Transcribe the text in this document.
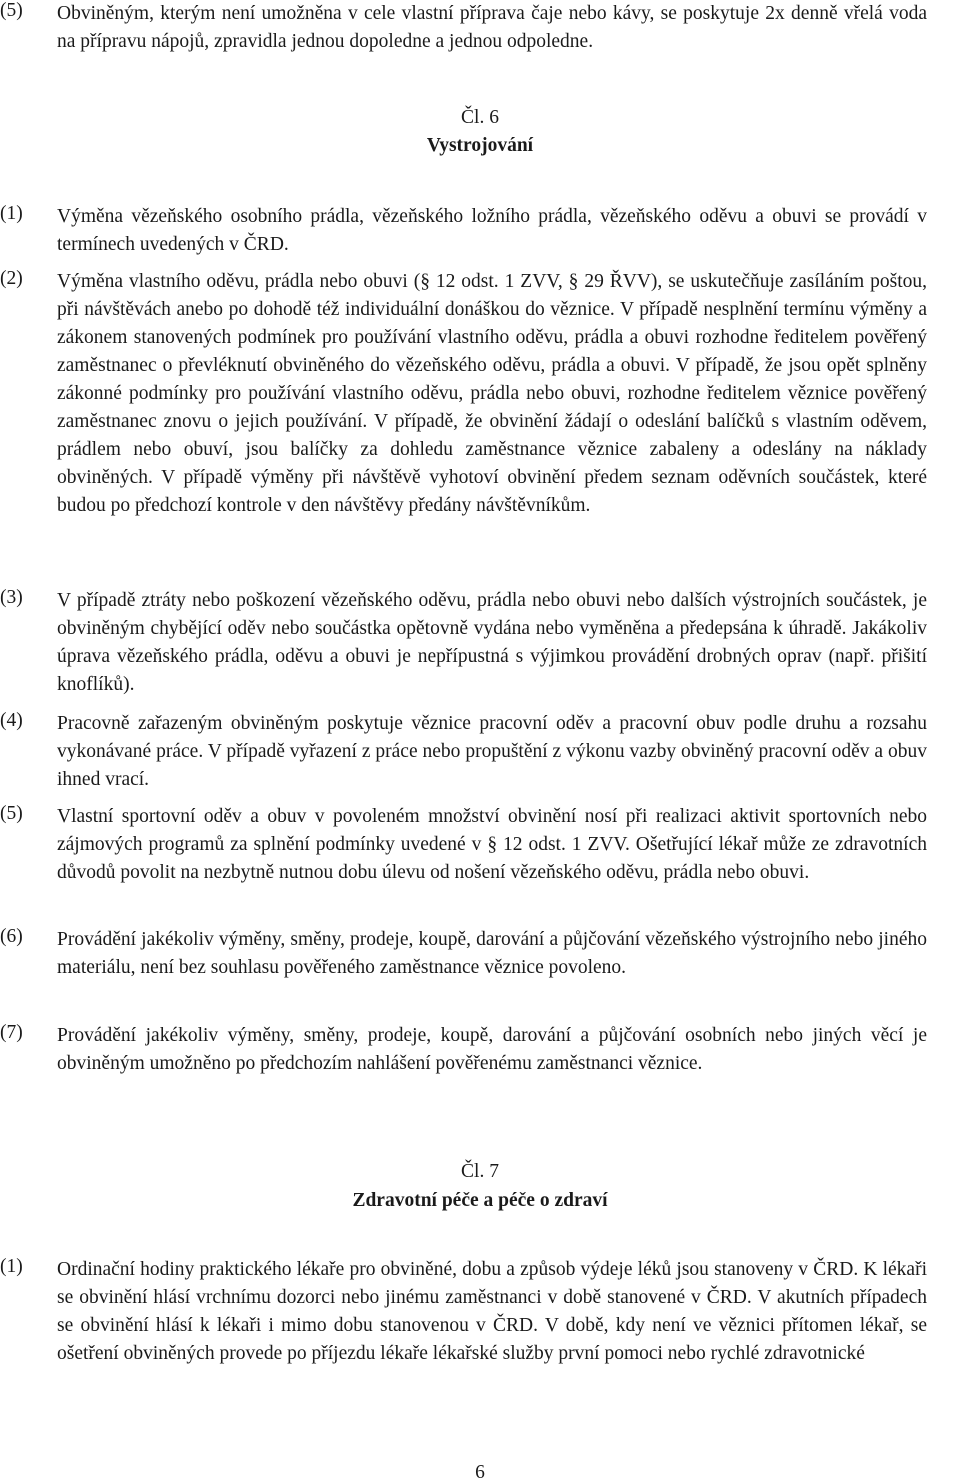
(5)	Obviněným, kterým není umožněna v cele vlastní příprava čaje nebo kávy, se poskytuje 2x denně vřelá voda na přípravu nápojů, zpravidla jednou dopoledne a jednou odpoledne.
Čl. 6
Vystrojování
(1)	Výměna vězeňského osobního prádla, vězeňského ložního prádla, vězeňského oděvu a obuvi se provádí v termínech uvedených v ČRD.
(2)	Výměna vlastního oděvu, prádla nebo obuvi (§ 12 odst. 1 ZVV, § 29 ŘVV), se uskutečňuje zasíláním poštou, při návštěvách anebo po dohodě též individuální donáškou do věznice. V případě nesplnění termínu výměny a zákonem stanovených podmínek pro používání vlastního oděvu, prádla a obuvi rozhodne ředitelem pověřený zaměstnanec o převléknutí obviněného do vězeňského oděvu, prádla a obuvi. V případě, že jsou opět splněny zákonné podmínky pro používání vlastního oděvu, prádla nebo obuvi, rozhodne ředitelem věznice pověřený zaměstnanec znovu o jejich používání. V případě, že obvinění žádají o odeslání balíčků s vlastním oděvem, prádlem nebo obuví, jsou balíčky za dohledu zaměstnance věznice zabaleny a odeslány na náklady obviněných. V případě výměny při návštěvě vyhotoví obvinění předem seznam oděvních součástek, které budou po předchozí kontrole v den návštěvy předány návštěvníkům.
(3)	V případě ztráty nebo poškození vězeňského oděvu, prádla nebo obuvi nebo dalších výstrojních součástek, je obviněným chybějící oděv nebo součástka opětovně vydána nebo vyměněna a předepsána k úhradě. Jakákoliv úprava vězeňského prádla, oděvu a obuvi je nepřípustná s výjimkou provádění drobných oprav (např. přišití knoflíků).
(4)	Pracovně zařazeným obviněným poskytuje věznice pracovní oděv a pracovní obuv podle druhu a rozsahu vykonávané práce. V případě vyřazení z práce nebo propuštění z výkonu vazby obviněný pracovní oděv a obuv ihned vrací.
(5)	Vlastní sportovní oděv a obuv v povoleném množství obvinění nosí při realizaci aktivit sportovních nebo zájmových programů za splnění podmínky uvedené v § 12 odst. 1 ZVV. Ošetřující lékař může ze zdravotních důvodů povolit na nezbytně nutnou dobu úlevu od nošení vězeňského oděvu, prádla nebo obuvi.
(6)	Provádění jakékoliv výměny, směny, prodeje, koupě, darování a půjčování vězeňského výstrojního nebo jiného materiálu, není bez souhlasu pověřeného zaměstnance věznice povoleno.
(7)	Provádění jakékoliv výměny, směny, prodeje, koupě, darování a půjčování osobních nebo jiných věcí je obviněným umožněno po předchozím nahlášení pověřenému zaměstnanci věznice.
Čl. 7
Zdravotní péče a péče o zdraví
(1)	Ordinační hodiny praktického lékaře pro obviněné, dobu a způsob výdeje léků jsou stanoveny v ČRD. K lékaři se obvinění hlásí vrchnímu dozorci nebo jinému zaměstnanci v době stanovené v ČRD. V akutních případech se obvinění hlásí k lékaři i mimo dobu stanovenou v ČRD. V době, kdy není ve věznici přítomen lékař, se ošetření obviněných provede po příjezdu lékaře lékařské služby první pomoci nebo rychlé zdravotnické
6
